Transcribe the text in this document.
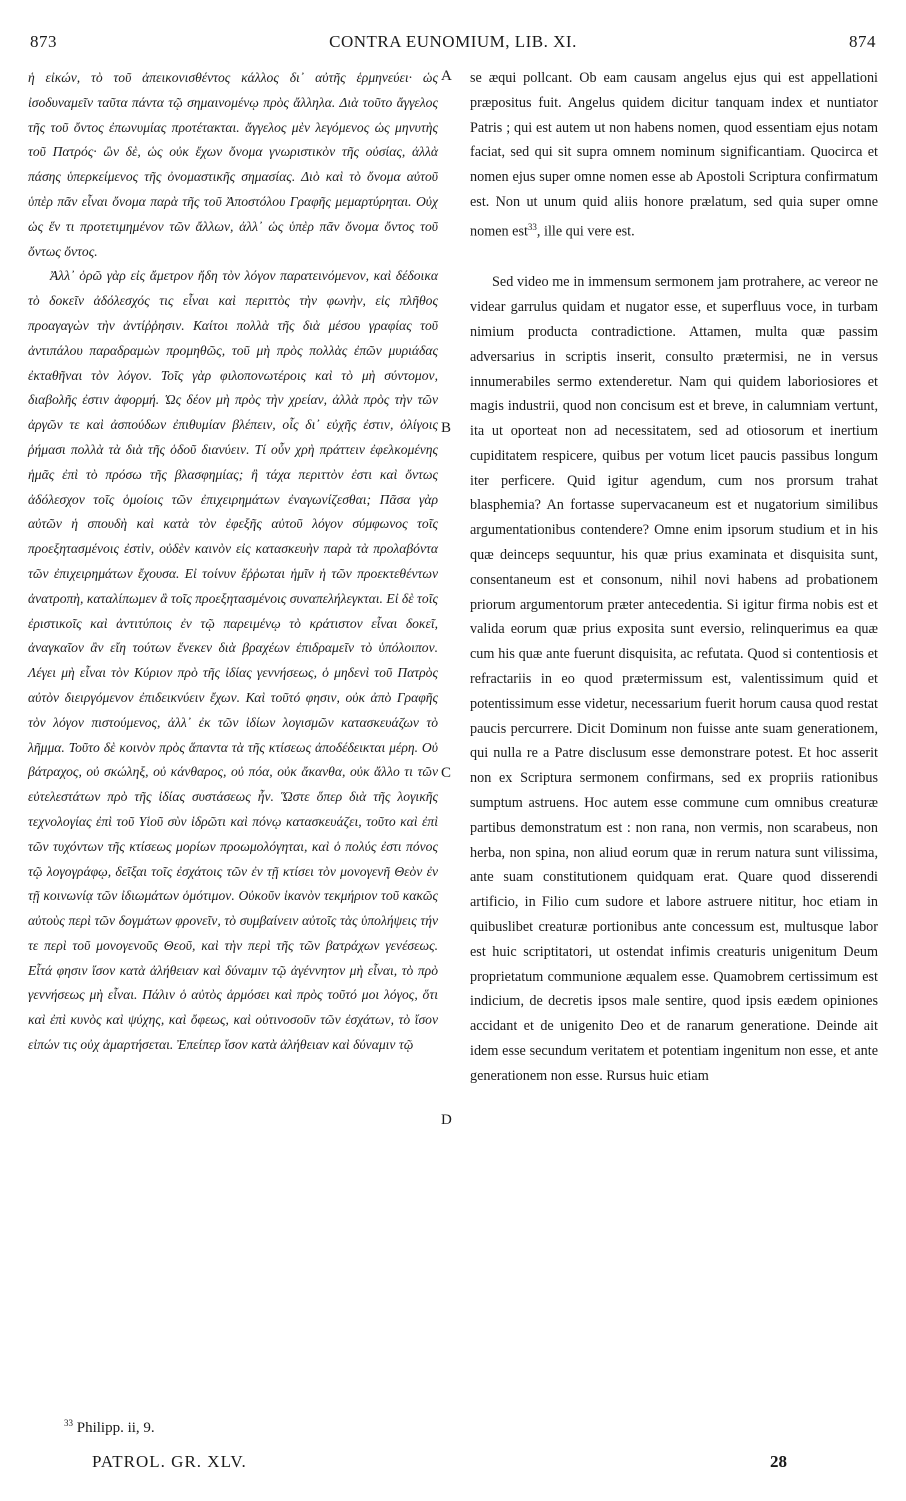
873	CONTRA EUNOMIUM, LIB. XI.	874

ἡ εἰκών, τὸ τοῦ ἀπεικονισθέντος κάλλος δι᾿ αὐτῆς ἑρμηνεύει· ὡς ἰσοδυναμεῖν ταῦτα πάντα τῷ σημαινομένῳ πρὸς ἄλληλα. Διὰ τοῦτο ἄγγελος τῆς τοῦ ὄντος ἐπωνυμίας προτέτακται. ἄγγελος μὲν λεγόμενος ὡς μηνυτὴς τοῦ Πατρός· ὢν δὲ, ὡς οὐκ ἔχων ὄνομα γνωριστικὸν τῆς οὐσίας, ἀλλὰ πάσης ὑπερκείμενος τῆς ὀνομαστικῆς σημασίας. Διὸ καὶ τὸ ὄνομα αὐτοῦ ὑπὲρ πᾶν εἶναι ὄνομα παρὰ τῆς τοῦ Ἀποστόλου Γραφῆς μεμαρτύρηται. Οὐχ ὡς ἕν τι προτετιμημένον τῶν ἄλλων, ἀλλ᾿ ὡς ὑπὲρ πᾶν ὄνομα ὄντος τοῦ ὄντως ὄντος.

Ἀλλ᾿ ὁρῶ γὰρ εἰς ἄμετρον ἤδη τὸν λόγον παρατεινόμενον, καὶ δέδοικα τὸ δοκεῖν ἀδόλεσχός τις εἶναι καὶ περιττὸς τὴν φωνὴν, εἰς πλῆθος προαγαγὼν τὴν ἀντίῤῥησιν. Καίτοι πολλὰ τῆς διὰ μέσου γραφίας τοῦ ἀντιπάλου παραδραμὼν προμηθῶς, τοῦ μὴ πρὸς πολλὰς ἐπῶν μυριάδας ἐκταθῆναι τὸν λόγον. Τοῖς γὰρ φιλοπονωτέροις καὶ τὸ μὴ σύντομον, διαβολῆς ἐστιν ἀφορμή. Ὡς δέον μὴ πρὸς τὴν χρείαν, ἀλλὰ πρὸς τὴν τῶν ἀργῶν τε καὶ ἀσπούδων ἐπιθυμίαν βλέπειν, οἷς δι᾿ εὐχῆς ἐστιν, ὀλίγοις ῥήμασι πολλὰ τὰ διὰ τῆς ὁδοῦ διανύειν. Τί οὖν χρὴ πράττειν ἐφελκομένης ἡμᾶς ἐπὶ τὸ πρόσω τῆς βλασφημίας; ἢ τάχα περιττὸν ἐστι καὶ ὄντως ἀδόλεσχον τοῖς ὁμοίοις τῶν ἐπιχειρημάτων ἐναγωνίζεσθαι; Πᾶσα γὰρ αὐτῶν ἡ σπουδὴ καὶ κατὰ τὸν ἐφεξῆς αὐτοῦ λόγον σύμφωνος τοῖς προεξητασμένοις ἐστὶν, οὐδὲν καινὸν εἰς κατασκευὴν παρὰ τὰ προλαβόντα τῶν ἐπιχειρημάτων ἔχουσα. Εἰ τοίνυν ἔῤῥωται ἡμῖν ἡ τῶν προεκτεθέντων ἀνατροπὴ, καταλίπωμεν ἃ τοῖς προεξητασμένοις συναπελήλεγκται. Εἰ δὲ τοῖς ἐριστικοῖς καὶ ἀντιτύποις ἐν τῷ παρειμένῳ τὸ κράτιστον εἶναι δοκεῖ, ἀναγκαῖον ἂν εἴη τούτων ἕνεκεν διὰ βραχέων ἐπιδραμεῖν τὸ ὑπόλοιπον. Λέγει μὴ εἶναι τὸν Κύριον πρὸ τῆς ἰδίας γεννήσεως, ὁ μηδενὶ τοῦ Πατρὸς αὐτὸν διειργόμενον ἐπιδεικνύειν ἔχων. Καὶ τοῦτό φησιν, οὐκ ἀπὸ Γραφῆς τὸν λόγον πιστούμενος, ἀλλ᾿ ἐκ τῶν ἰδίων λογισμῶν κατασκευάζων τὸ λῆμμα. Τοῦτο δὲ κοινὸν πρὸς ἅπαντα τὰ τῆς κτίσεως ἀποδέδεικται μέρη. Οὐ βάτραχος, οὐ σκώληξ, οὐ κάνθαρος, οὐ πόα, οὐκ ἄκανθα, οὐκ ἄλλο τι τῶν εὐτελεστάτων πρὸ τῆς ἰδίας συστάσεως ἦν. Ὥστε ὅπερ διὰ τῆς λογικῆς τεχνολογίας ἐπὶ τοῦ Υἱοῦ σὺν ἱδρῶτι καὶ πόνῳ κατασκευάζει, τοῦτο καὶ ἐπὶ τῶν τυχόντων τῆς κτίσεως μορίων προωμολόγηται, καὶ ὁ πολύς ἐστι πόνος τῷ λογογράφῳ, δεῖξαι τοῖς ἐσχάτοις τῶν ἐν τῇ κτίσει τὸν μονογενῆ Θεὸν ἐν τῇ κοινωνίᾳ τῶν ἰδιωμάτων ὁμότιμον. Οὐκοῦν ἱκανὸν τεκμήριον τοῦ κακῶς αὐτοὺς περὶ τῶν δογμάτων φρονεῖν, τὸ συμβαίνειν αὐτοῖς τὰς ὑπολήψεις τήν τε περὶ τοῦ μονογενοῦς Θεοῦ, καὶ τὴν περὶ τῆς τῶν βατράχων γενέσεως. Εἶτά φησιν ἴσον κατὰ ἀλήθειαν καὶ δύναμιν τῷ ἀγέννητον μὴ εἶναι, τὸ πρὸ γεννήσεως μὴ εἶναι. Πάλιν ὁ αὐτὸς ἁρμόσει καὶ πρὸς τοῦτό μοι λόγος, ὅτι καὶ ἐπὶ κυνὸς καὶ ψύχης, καὶ ὄφεως, καὶ οὐτινοσοῦν τῶν ἐσχάτων, τὸ ἴσον εἰπών τις οὐχ ἁμαρτήσεται. Ἐπείπερ ἴσον κατὰ ἀλήθειαν καὶ δύναμιν τῷ

se æqui pollcant. Ob eam causam angelus ejus qui est appellationi præpositus fuit. Angelus quidem dicitur tanquam index et nuntiator Patris ; qui est autem ut non habens nomen, quod essentiam ejus notam faciat, sed qui sit supra omnem nominum significantiam. Quocirca et nomen ejus super omne nomen esse ab Apostoli Scriptura confirmatum est. Non ut unum quid aliis honore prælatum, sed quia super omne nomen est$^{33}$, ille qui vere est.

Sed video me in immensum sermonem jam protrahere, ac vereor ne videar garrulus quidam et nugator esse, et superfluus voce, in turbam nimium producta contradictione. Attamen, multa quæ passim adversarius in scriptis inserit, consulto prætermisi, ne in versus innumerabiles sermo extenderetur. Nam qui quidem laboriosiores et magis industrii, quod non concisum est et breve, in calumniam vertunt, ita ut oporteat non ad necessitatem, sed ad otiosorum et inertium cupiditatem respicere, quibus per votum licet paucis passibus longum iter perficere. Quid igitur agendum, cum nos prorsum trahat blasphemia? An fortasse supervacaneum est et nugatorium similibus argumentationibus contendere? Omne enim ipsorum studium et in his quæ deinceps sequuntur, his quæ prius examinata et disquisita sunt, consentaneum est et consonum, nihil novi habens ad probationem priorum argumentorum præter antecedentia. Si igitur firma nobis est et valida eorum quæ prius exposita sunt eversio, relinquerimus ea quæ cum his quæ ante fuerunt disquisita, ac refutata. Quod si contentiosis et refractariis in eo quod prætermissum est, valentissimum quid et potentissimum esse videtur, necessarium fuerit horum causa quod restat paucis percurrere. Dicit Dominum non fuisse ante suam generationem, qui nulla re a Patre disclusum esse demonstrare potest. Et hoc asserit non ex Scriptura sermonem confirmans, sed ex propriis rationibus sumptum astruens. Hoc autem esse commune cum omnibus creaturæ partibus demonstratum est : non rana, non vermis, non scarabeus, non herba, non spina, non aliud eorum quæ in rerum natura sunt vilissima, ante suam constitutionem quidquam erat. Quare quod disserendi artificio, in Filio cum sudore et labore astruere nititur, hoc etiam in quibuslibet creaturæ portionibus ante concessum est, multusque labor est huic scriptitatori, ut ostendat infimis creaturis unigenitum Deum proprietatum communione æqualem esse. Quamobrem certissimum est indicium, de decretis ipsos male sentire, quod ipsis eædem opiniones accidant et de unigenito Deo et de ranarum generatione. Deinde ait idem esse secundum veritatem et potentiam ingenitum non esse, et ante generationem non esse. Rursus huic etiam

A
B
C
D
$^{33}$ Philipp. ii, 9.
PATROL. GR. XLV.	28
